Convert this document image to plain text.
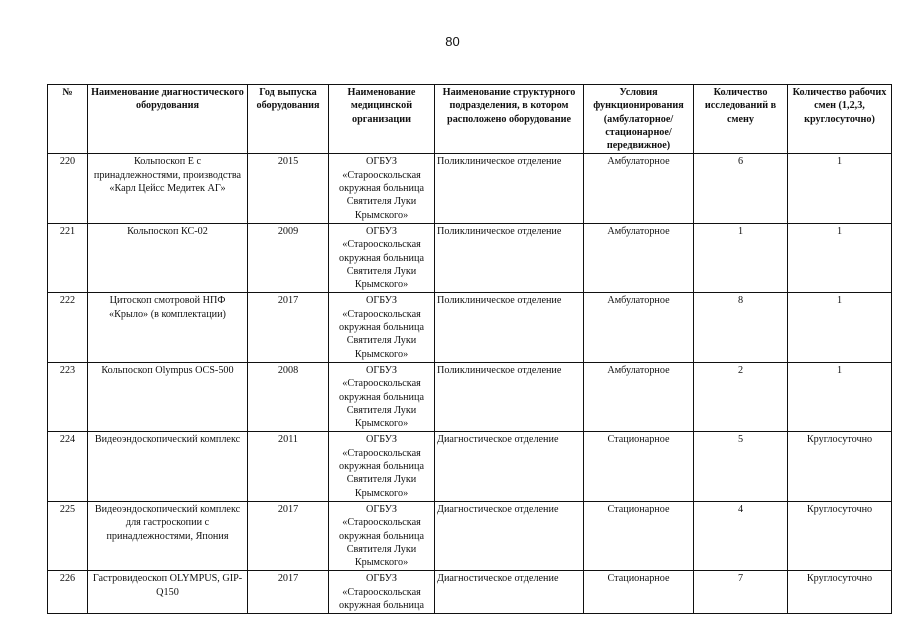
80
№	Наименование диагностического оборудования	Год выпуска оборудования	Наименование медицинской организации	Наименование структурного подразделения, в котором расположено оборудование	Условия функционирования (амбулаторное/ стационарное/ передвижное)	Количество исследований в смену	Количество рабочих смен (1,2,3, круглосуточно)
220	Кольпоскоп Е с принадлежностями, производства «Карл Цейсс Медитек АГ»	2015	ОГБУЗ «Старооскольская окружная больница Святителя Луки Крымского»	Поликлиническое отделение	Амбулаторное	6	1
221	Кольпоскоп КС-02	2009	ОГБУЗ «Старооскольская окружная больница Святителя Луки Крымского»	Поликлиническое отделение	Амбулаторное	1	1
222	Цитоскоп смотровой НПФ «Крыло» (в комплектации)	2017	ОГБУЗ «Старооскольская окружная больница Святителя Луки Крымского»	Поликлиническое отделение	Амбулаторное	8	1
223	Кольпоскоп Olympus OCS-500	2008	ОГБУЗ «Старооскольская окружная больница Святителя Луки Крымского»	Поликлиническое отделение	Амбулаторное	2	1
224	Видеоэндоскопический комплекс	2011	ОГБУЗ «Старооскольская окружная больница Святителя Луки Крымского»	Диагностическое отделение	Стационарное	5	Круглосуточно
225	Видеоэндоскопический комплекс для гастроскопии с принадлежностями, Япония	2017	ОГБУЗ «Старооскольская окружная больница Святителя Луки Крымского»	Диагностическое отделение	Стационарное	4	Круглосуточно
226	Гастровидеоскоп OLYMPUS, GIP- Q150	2017	ОГБУЗ «Старооскольская окружная больница	Диагностическое отделение	Стационарное	7	Круглосуточно
